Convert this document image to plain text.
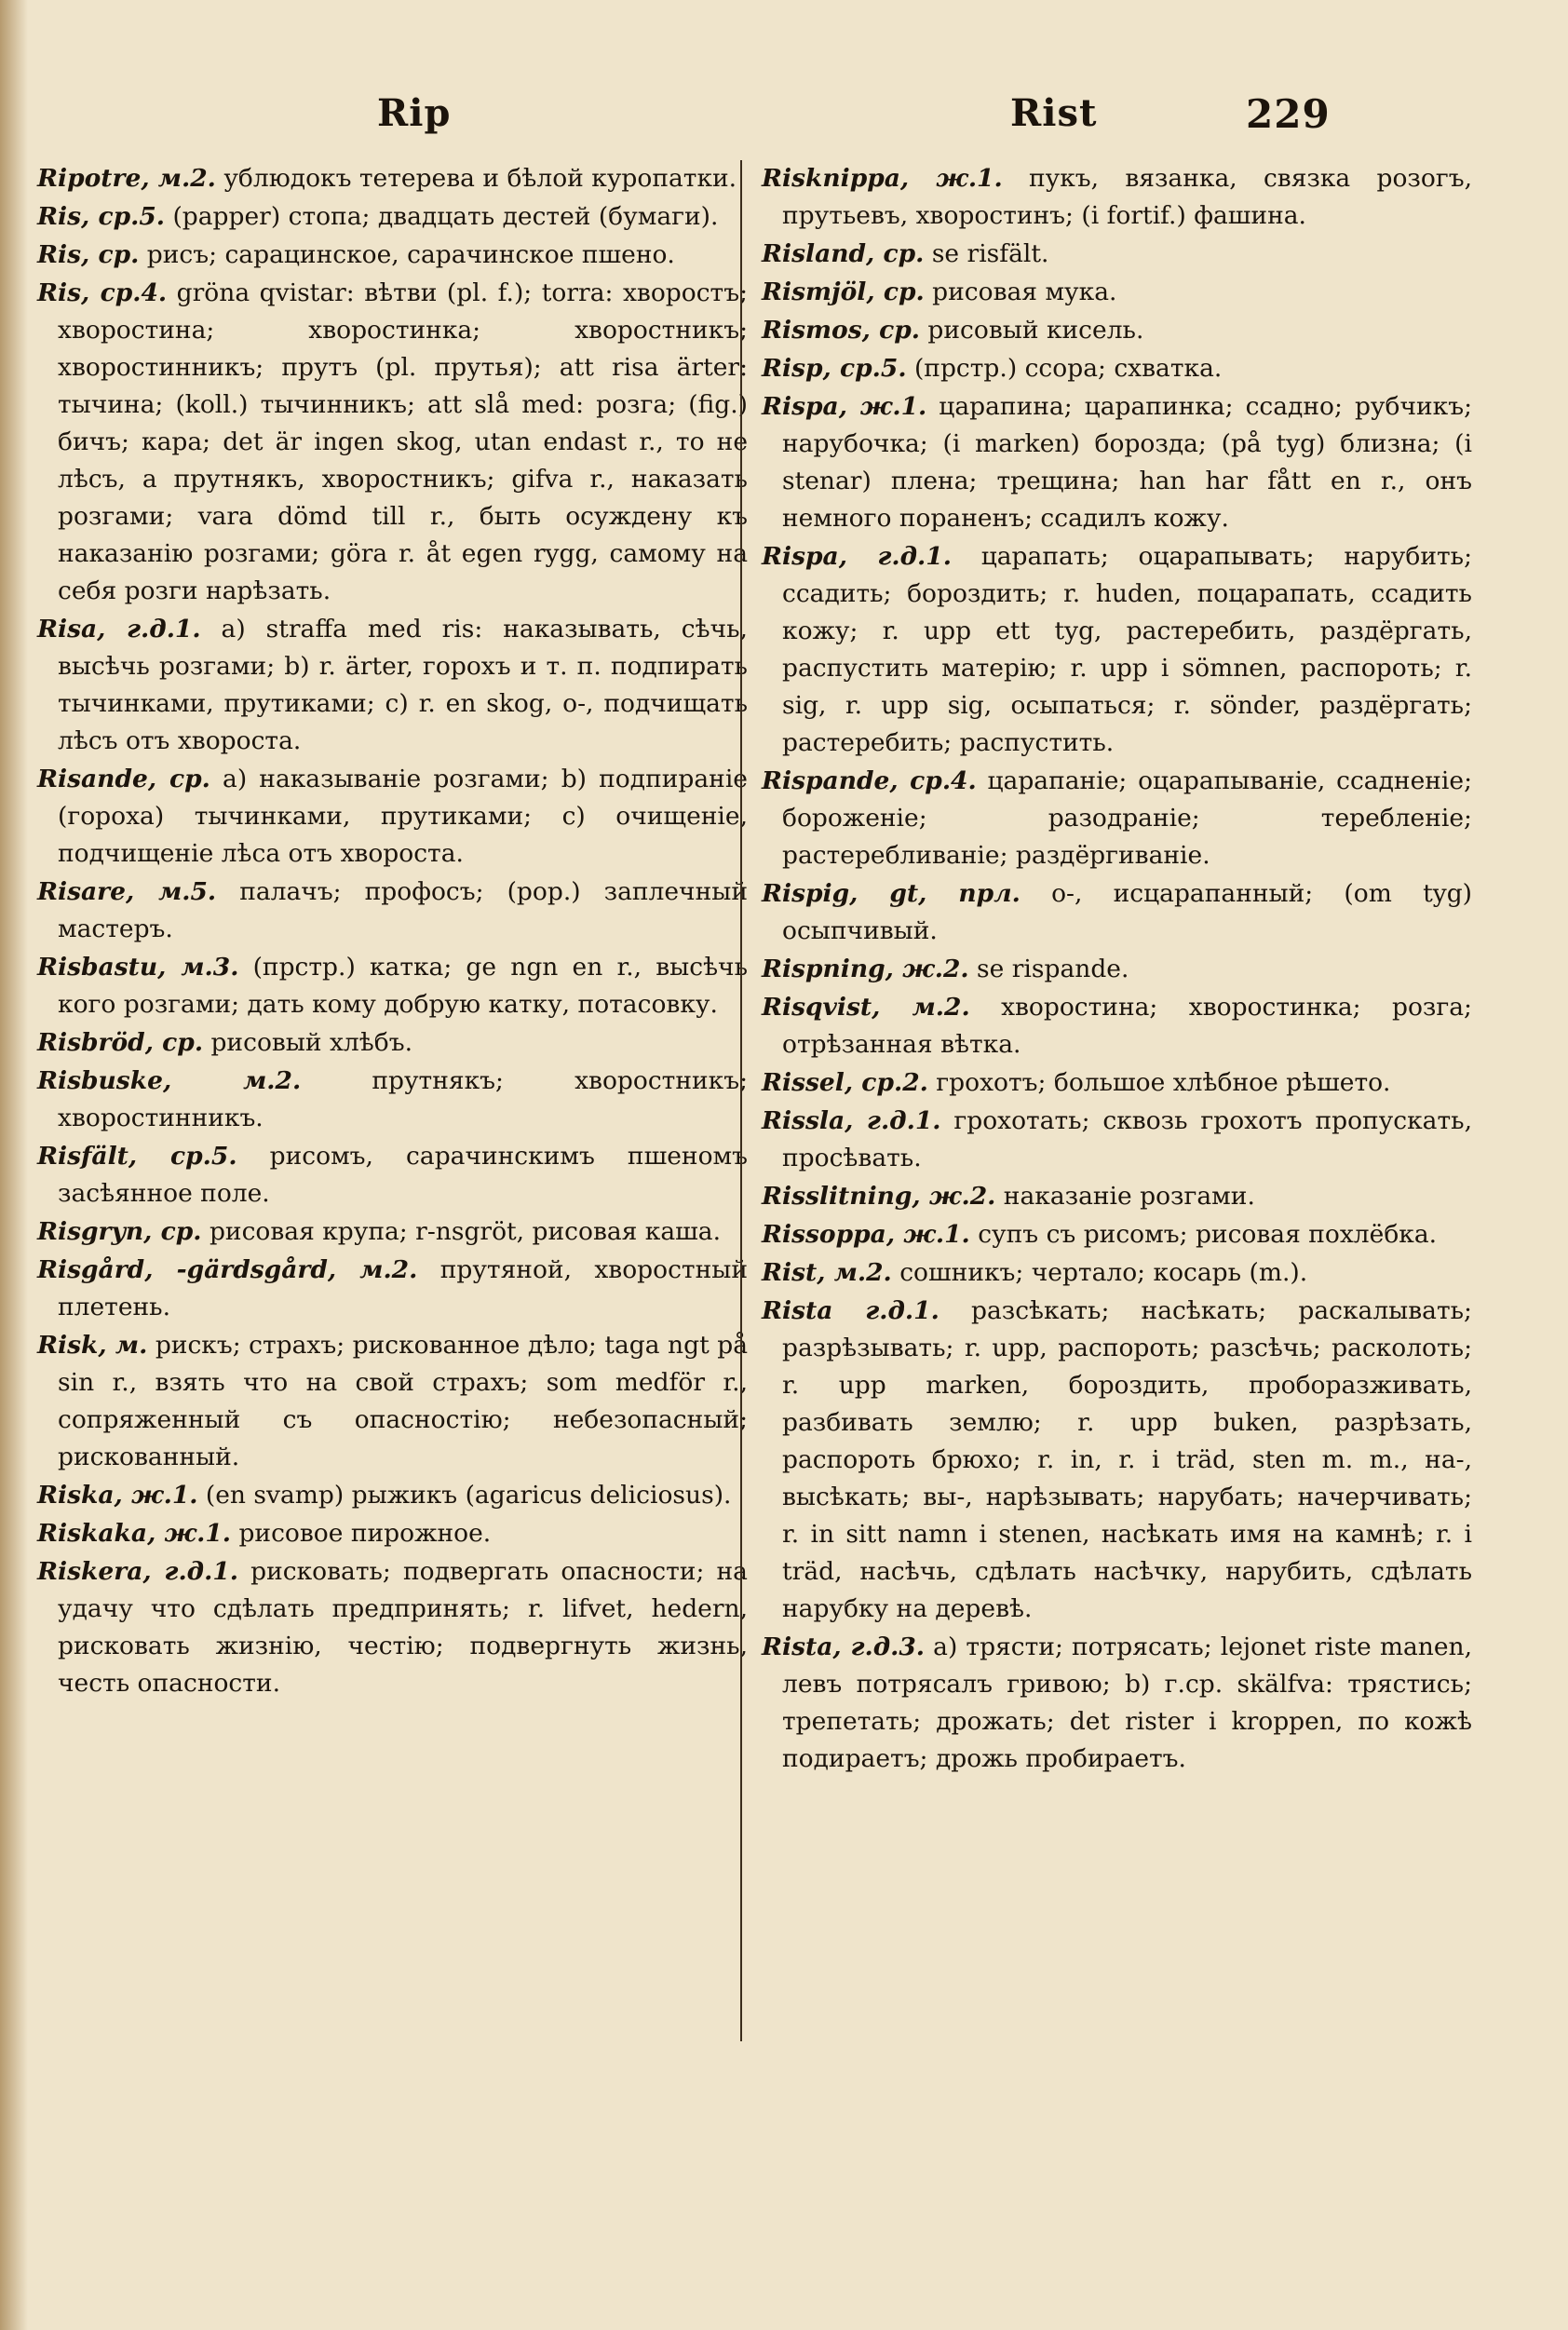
Rip	Rist	229

Ripotre, м.2. ублюдокъ тетерева и бѣлой куропатки.

Ris, ср.5. (papper) стопа; двадцать дестей (бумаги).

Ris, ср. рисъ; сарацинское, сарачинское пшено.

Ris, ср.4. gröna qvistar: вѣтви (pl. f.); torra: хворостъ; хворостина; хворостинка; хворостникъ; хворостинникъ; прутъ (pl. прутья); att risa ärter: тычина; (koll.) тычинникъ; att slå med: розга; (fig.) бичъ; кара; det är ingen skog, utan endast r., то не лѣсъ, а прутнякъ, хворостникъ; gifva r., наказать розгами; vara dömd till r., быть осуждену къ наказанію розгами; göra r. åt egen rygg, самому на себя розги нарѣзать.

Risa, г.д.1. a) straffa med ris: наказывать, сѣчь, высѣчь розгами; b) r. ärter, горохъ и т. п. подпирать тычинками, прутиками; c) r. en skog, о-, подчищать лѣсъ отъ хвороста.

Risande, ср. a) наказываніе розгами; b) подпираніе (гороха) тычинками, прутиками; c) очищеніе, подчищеніе лѣса отъ хвороста.

Risare, м.5. палачъ; профосъ; (pop.) заплечный мастеръ.

Risbastu, м.3. (прстр.) катка; ge ngn en r., высѣчь кого розгами; дать кому добрую катку, потасовку.

Risbröd, ср. рисовый хлѣбъ.

Risbuske, м.2. прутнякъ; хворостникъ; хворостинникъ.

Risfält, ср.5. рисомъ, сарачинскимъ пшеномъ засѣянное поле.

Risgryn, ср. рисовая крупа; r-nsgröt, рисовая каша.

Risgård, -gärdsgård, м.2. прутяной, хворостный плетень.

Risk, м. рискъ; страхъ; рискованное дѣло; taga ngt på sin r., взять что на свой страхъ; som medför r., сопряженный съ опасностію; небезопасный; рискованный.

Riska, ж.1. (en svamp) рыжикъ (agaricus deliciosus).

Riskaka, ж.1. рисовое пирожное.

Riskera, г.д.1. рисковать; подвергать опасности; на удачу что сдѣлать предпринять; r. lifvet, hedern, рисковать жизнію, честію; подвергнуть жизнь, честь опасности.

Risknippa, ж.1. пукъ, вязанка, связка розогъ, прутьевъ, хворостинъ; (i fortif.) фашина.

Risland, ср. se risfält.

Rismjöl, ср. рисовая мука.

Rismos, ср. рисовый кисель.

Risp, ср.5. (прстр.) ссора; схватка.

Rispa, ж.1. царапина; царапинка; ссадно; рубчикъ; нарубочка; (i marken) борозда; (på tyg) близна; (i stenar) плена; трещина; han har fått en r., онъ немного пораненъ; ссадилъ кожу.

Rispa, г.д.1. царапать; оцарапывать; нарубить; ссадить; бороздить; r. huden, поцарапать, ссадить кожу; r. upp ett tyg, растеребить, раздёргать, распустить матерію; r. upp i sömnen, распороть; r. sig, r. upp sig, осыпаться; r. sönder, раздёргать; растеребить; распустить.

Rispande, ср.4. царапаніе; оцарапываніе, ссадненіе; бороженіе; разодраніе; тереблeніе; растеребливаніе; раздёргиваніе.

Rispig, gt, прл. о-, исцарапанный; (om tyg) осыпчивый.

Rispning, ж.2. se rispande.

Risqvist, м.2. хворостина; хворостинка; розга; отрѣзанная вѣтка.

Rissel, ср.2. грохотъ; большое хлѣбное рѣшето.

Rissla, г.д.1. грохотать; сквозь грохотъ пропускать, просѣвать.

Risslitning, ж.2. наказаніе розгами.

Rissoppa, ж.1. супъ съ рисомъ; рисовая похлёбка.

Rist, м.2. сошникъ; чертало; косарь (m.).

Rista г.д.1. разсѣкать; насѣкать; раскалывать; разрѣзывать; r. upp, распороть; разсѣчь; расколоть; r. upp marken, бороздить, проборазживать, разбивать землю; r. upp buken, разрѣзать, распороть брюхо; r. in, r. i träd, sten m. m., на-, высѣкать; вы-, нарѣзывать; нарубать; начерчивать; r. in sitt namn i stenen, насѣкать имя на камнѣ; r. i träd, насѣчь, сдѣлать насѣчку, нарубить, сдѣлать нарубку на деревѣ.

Rista, г.д.3. a) трясти; потрясать; lejonet riste manen, левъ потрясалъ гривою; b) г.ср. skälfva: трястись; трепетать; дрожать; det rister i kroppen, по кожѣ подираетъ; дрожь пробираетъ.
